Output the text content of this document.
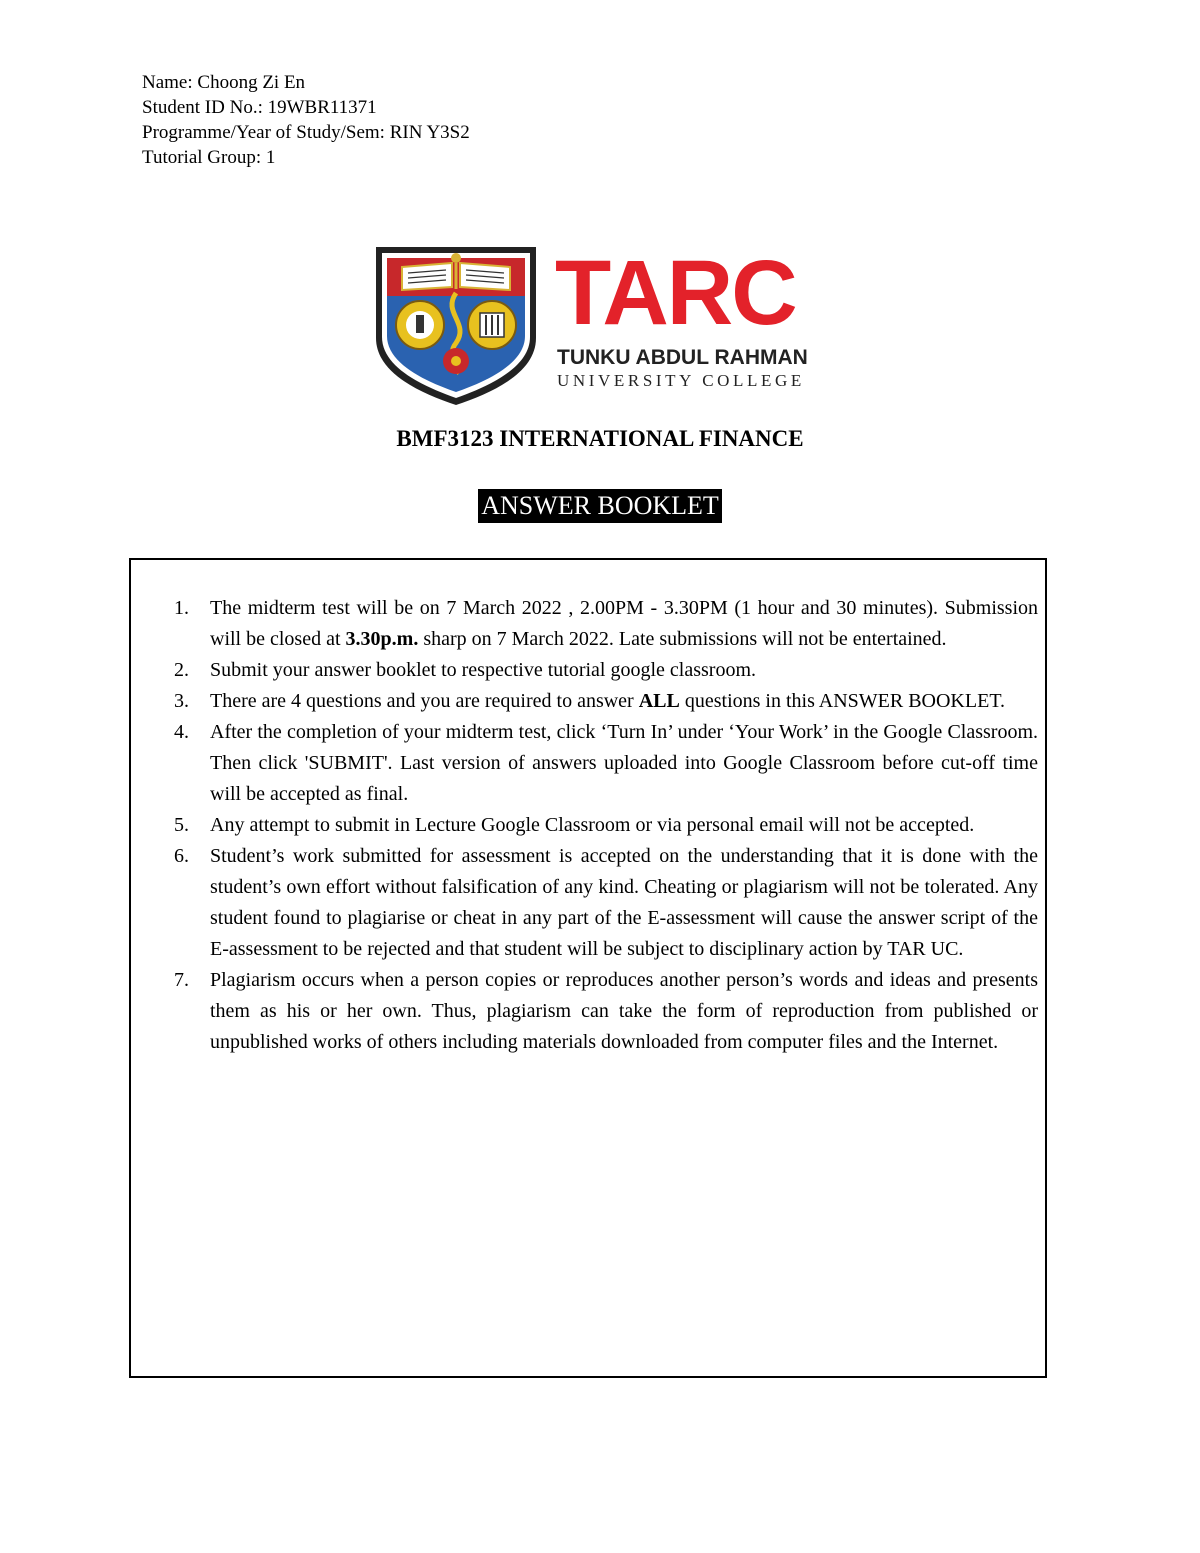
Name: Choong Zi En
Student ID No.: 19WBR11371
Programme/Year of Study/Sem: RIN Y3S2
Tutorial Group: 1
TARC
TUNKU ABDUL RAHMAN
UNIVERSITY COLLEGE
BMF3123 INTERNATIONAL FINANCE
ANSWER BOOKLET
1. The midterm test will be on 7 March 2022 , 2.00PM - 3.30PM (1 hour and 30 minutes). Submission will be closed at 3.30p.m. sharp on 7 March 2022. Late submissions will not be entertained.
2. Submit your answer booklet to respective tutorial google classroom.
3. There are 4 questions and you are required to answer ALL questions in this ANSWER BOOKLET.
4. After the completion of your midterm test, click ‘Turn In’ under ‘Your Work’ in the Google Classroom. Then click 'SUBMIT'. Last version of answers uploaded into Google Classroom before cut-off time will be accepted as final.
5. Any attempt to submit in Lecture Google Classroom or via personal email will not be accepted.
6. Student’s work submitted for assessment is accepted on the understanding that it is done with the student’s own effort without falsification of any kind. Cheating or plagiarism will not be tolerated. Any student found to plagiarise or cheat in any part of the E-assessment will cause the answer script of the E-assessment to be rejected and that student will be subject to disciplinary action by TAR UC.
7. Plagiarism occurs when a person copies or reproduces another person’s words and ideas and presents them as his or her own. Thus, plagiarism can take the form of reproduction from published or unpublished works of others including materials downloaded from computer files and the Internet.
